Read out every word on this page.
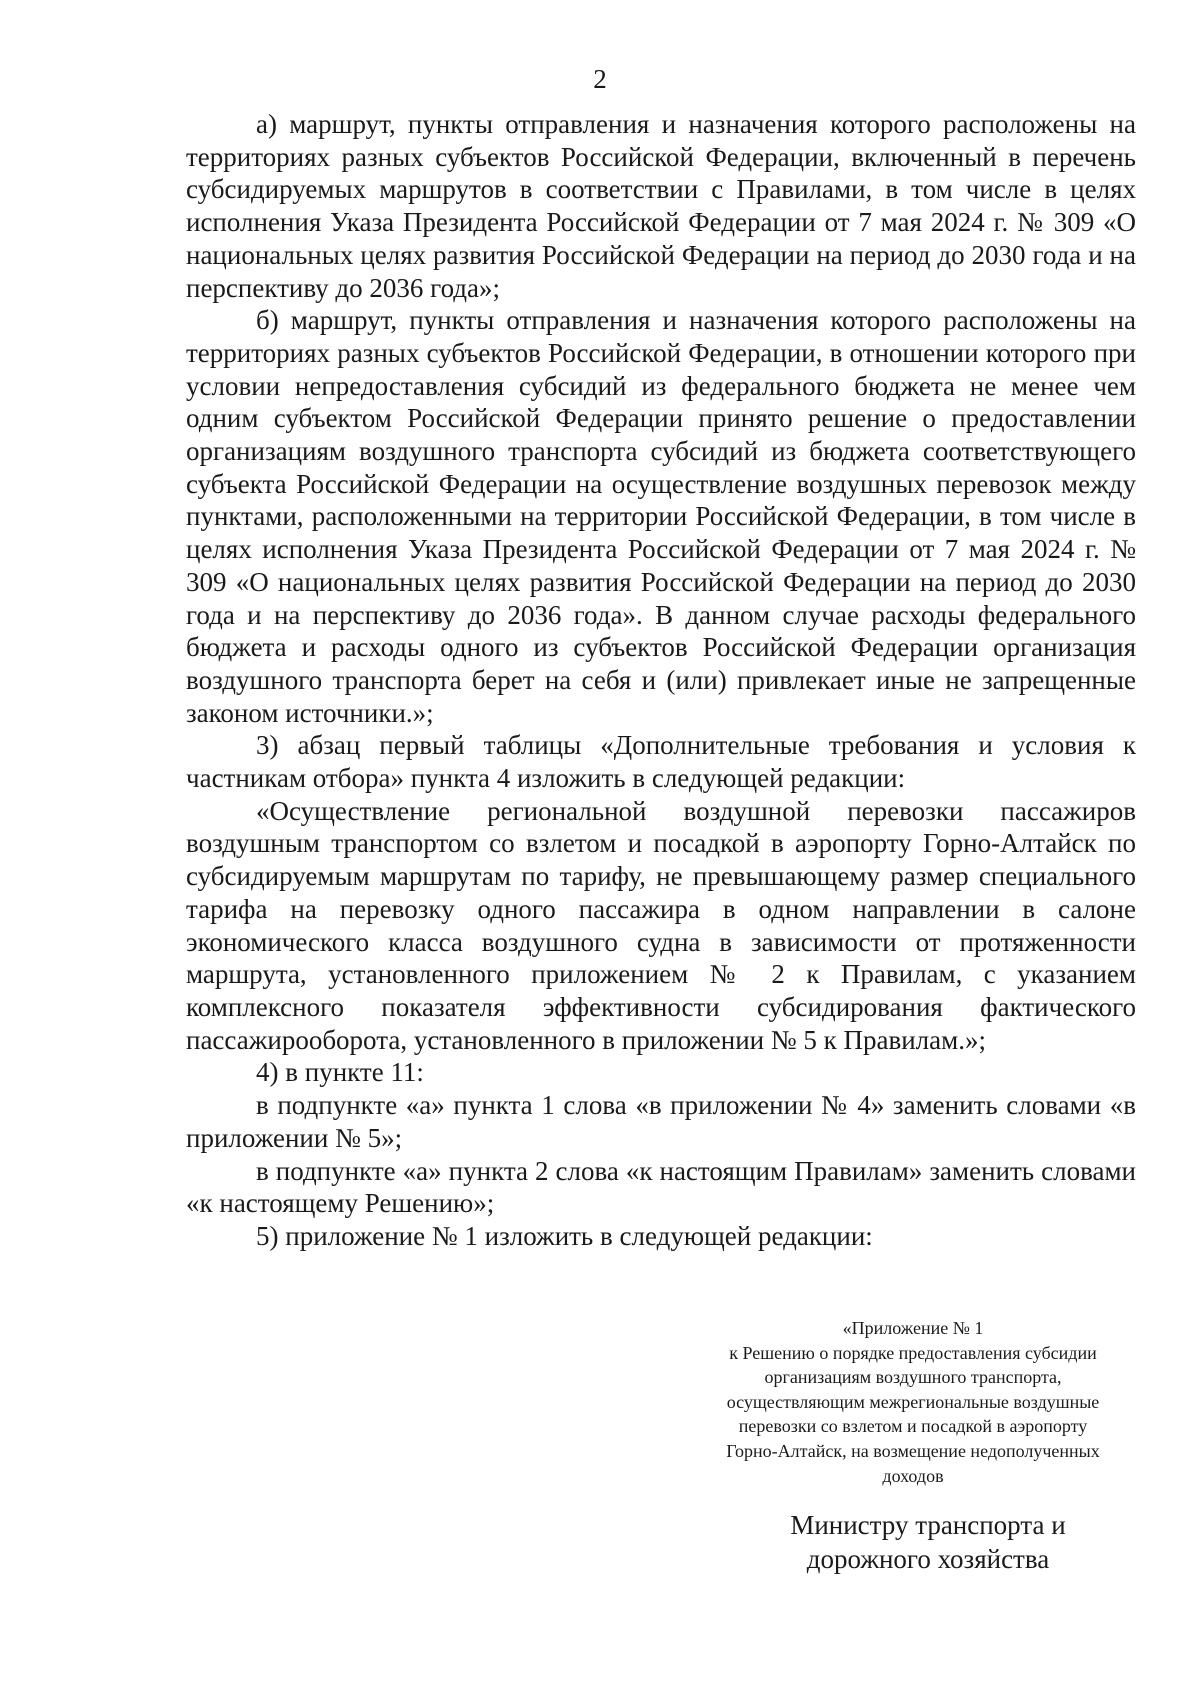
2

а) маршрут, пункты отправления и назначения которого расположены на территориях разных субъектов Российской Федерации, включенный в перечень субсидируемых маршрутов в соответствии с Правилами, в том числе в целях исполнения Указа Президента Российской Федерации от 7 мая 2024 г. № 309 «О национальных целях развития Российской Федерации на период до 2030 года и на перспективу до 2036 года»;

б) маршрут, пункты отправления и назначения которого расположены на территориях разных субъектов Российской Федерации, в отношении которого при условии непредоставления субсидий из федерального бюджета не менее чем одним субъектом Российской Федерации принято решение о предоставлении организациям воздушного транспорта субсидий из бюджета соответствующего субъекта Российской Федерации на осуществление воздушных перевозок между пунктами, расположенными на территории Российской Федерации, в том числе в целях исполнения Указа Президента Российской Федерации от 7 мая 2024 г. № 309 «О национальных целях развития Российской Федерации на период до 2030 года и на перспективу до 2036 года». В данном случае расходы федерального бюджета и расходы одного из субъектов Российской Федерации организация воздушного транспорта берет на себя и (или) привлекает иные не запрещенные законом источники.»;

3) абзац первый таблицы «Дополнительные требования и условия к частникам отбора» пункта 4 изложить в следующей редакции:

«Осуществление региональной воздушной перевозки пассажиров воздушным транспортом со взлетом и посадкой в аэропорту Горно-Алтайск по субсидируемым маршрутам по тарифу, не превышающему размер специального тарифа на перевозку одного пассажира в одном направлении в салоне экономического класса воздушного судна в зависимости от протяженности маршрута, установленного приложением № 2 к Правилам, с указанием комплексного показателя эффективности субсидирования фактического пассажирооборота, установленного в приложении № 5 к Правилам.»;

4) в пункте 11:

в подпункте «а» пункта 1 слова «в приложении № 4» заменить словами «в приложении № 5»;

в подпункте «а» пункта 2 слова «к настоящим Правилам» заменить словами «к настоящему Решению»;

5) приложение № 1 изложить в следующей редакции:

«Приложение № 1
к Решению о порядке предоставления субсидии
организациям воздушного транспорта,
осуществляющим межрегиональные воздушные
перевозки со взлетом и посадкой в аэропорту
Горно-Алтайск, на возмещение недополученных
доходов
Министру транспорта и
дорожного хозяйства
